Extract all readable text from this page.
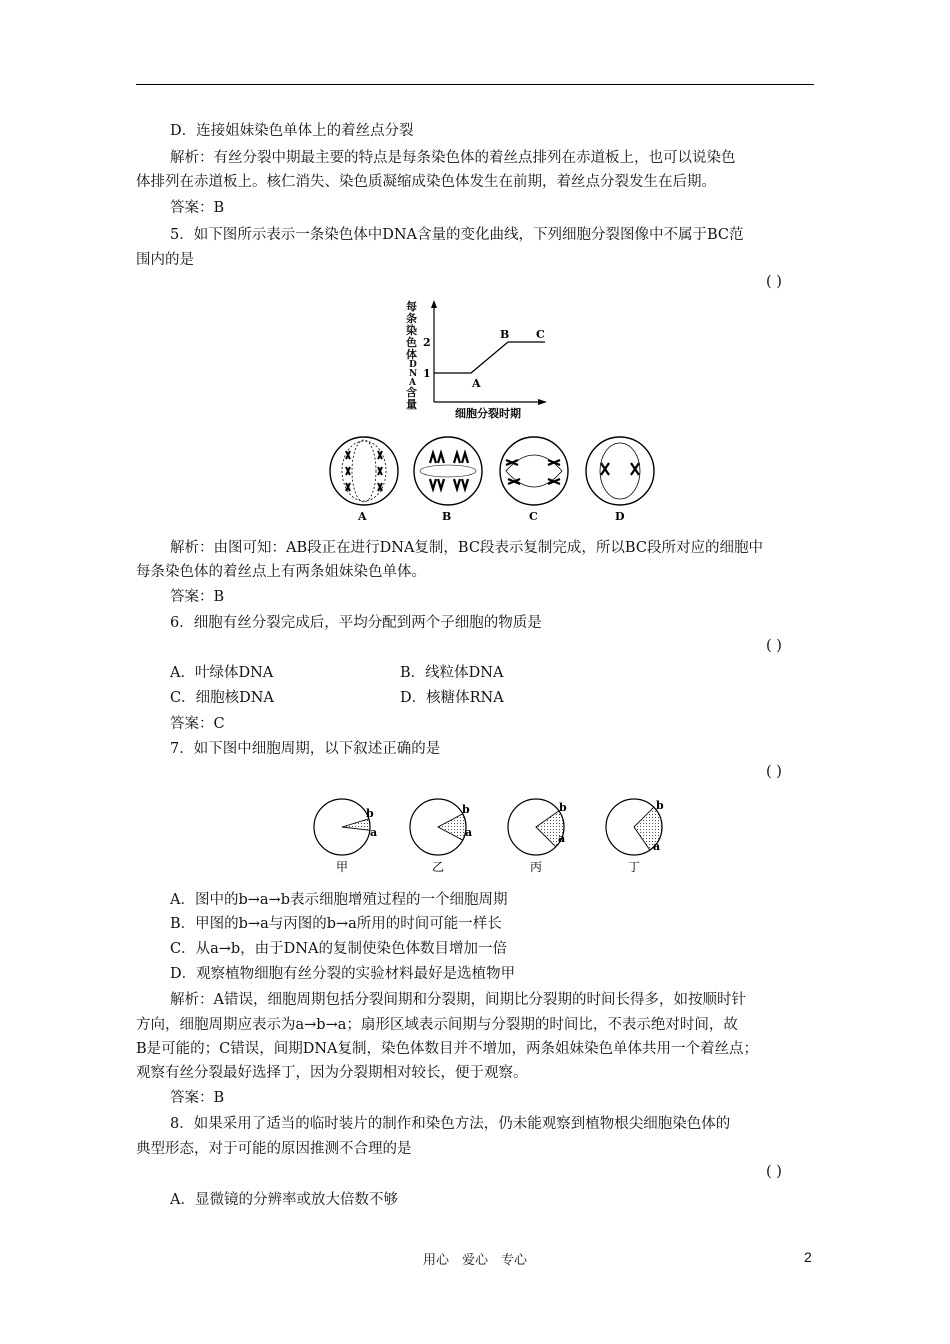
D．连接姐妹染色单体上的着丝点分裂
解析：有丝分裂中期最主要的特点是每条染色体的着丝点排列在赤道板上，也可以说染色
体排列在赤道板上。核仁消失、染色质凝缩成染色体发生在前期，着丝点分裂发生在后期。
答案：B
5．如下图所示表示一条染色体中DNA含量的变化曲线，下列细胞分裂图像中不属于BC范
围内的是
( )
每
条
染
色
体
D
N
A
含
量
1
2
A
B C
细胞分裂时期
A	B	C	D
解析：由图可知：AB段正在进行DNA复制，BC段表示复制完成，所以BC段所对应的细胞中
每条染色体的着丝点上有两条姐妹染色单体。
答案：B
6．细胞有丝分裂完成后，平均分配到两个子细胞的物质是
( )
A．叶绿体DNA	B．线粒体DNA
C．细胞核DNA	D．核糖体RNA
答案：C
7．如下图中细胞周期，以下叙述正确的是
( )
b
a
b
a
b
a
b
a
甲	乙	丙	丁
A．图中的b→a→b表示细胞增殖过程的一个细胞周期
B．甲图的b→a与丙图的b→a所用的时间可能一样长
C．从a→b，由于DNA的复制使染色体数目增加一倍
D．观察植物细胞有丝分裂的实验材料最好是选植物甲
解析：A错误，细胞周期包括分裂间期和分裂期，间期比分裂期的时间长得多，如按顺时针
方向，细胞周期应表示为a→b→a；扇形区域表示间期与分裂期的时间比，不表示绝对时间，故
B是可能的；C错误，间期DNA复制，染色体数目并不增加，两条姐妹染色单体共用一个着丝点；
观察有丝分裂最好选择丁，因为分裂期相对较长，便于观察。
答案：B
8．如果采用了适当的临时装片的制作和染色方法，仍未能观察到植物根尖细胞染色体的
典型形态，对于可能的原因推测不合理的是
( )
A．显微镜的分辨率或放大倍数不够
用心　爱心　专心	2
